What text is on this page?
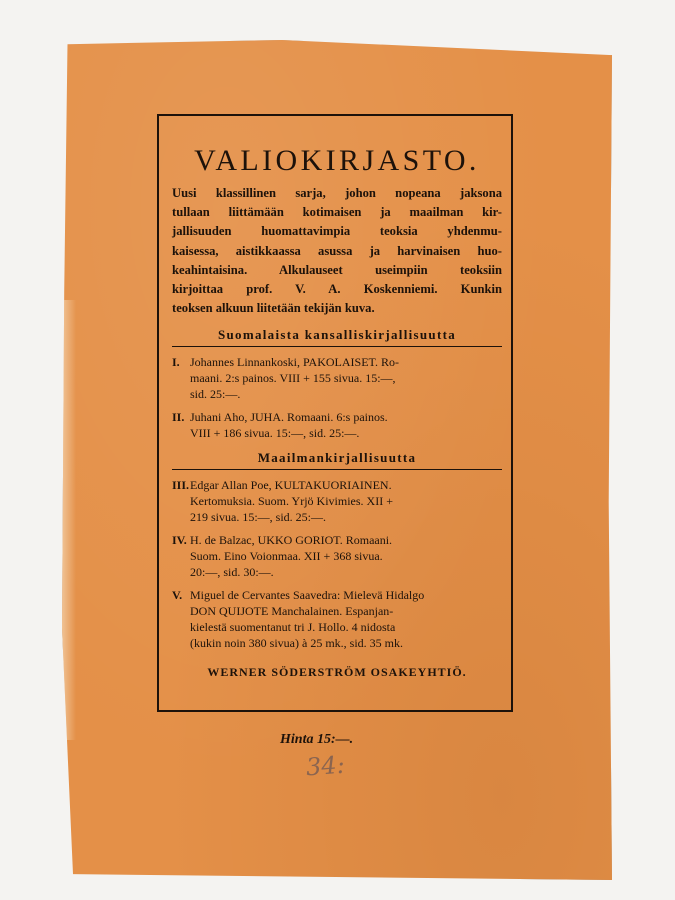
VALIOKIRJASTO.

Uusi klassillinen sarja, johon nopeana jaksona

tullaan liittämään kotimaisen ja maailman kir-

jallisuuden huomattavimpia teoksia yhdenmu-

kaisessa, aistikkaassa asussa ja harvinaisen huo-

keahintaisina. Alkulauseet useimpiin teoksiin

kirjoittaa prof. V. A. Koskenniemi. Kunkin

teoksen alkuun liitetään tekijän kuva.

Suomalaista kansalliskirjallisuutta
I. Johannes Linnankoski, PAKOLAISET. Ro-
maani. 2:s painos. VIII + 155 sivua. 15:—,
sid. 25:—.
II. Juhani Aho, JUHA. Romaani. 6:s painos.
VIII + 186 sivua. 15:—, sid. 25:—.
Maailmankirjallisuutta
III. Edgar Allan Poe, KULTAKUORIAINEN.
Kertomuksia. Suom. Yrjö Kivimies. XII +
219 sivua. 15:—, sid. 25:—.
IV. H. de Balzac, UKKO GORIOT. Romaani.
Suom. Eino Voionmaa. XII + 368 sivua.
20:—, sid. 30:—.
V. Miguel de Cervantes Saavedra: Mielevä Hidalgo
DON QUIJOTE Manchalainen. Espanjan-
kielestä suomentanut tri J. Hollo. 4 nidosta
(kukin noin 380 sivua) à 25 mk., sid. 35 mk.
WERNER SÖDERSTRÖM OSAKEYHTIÖ.
Hinta 15:—.
34:
